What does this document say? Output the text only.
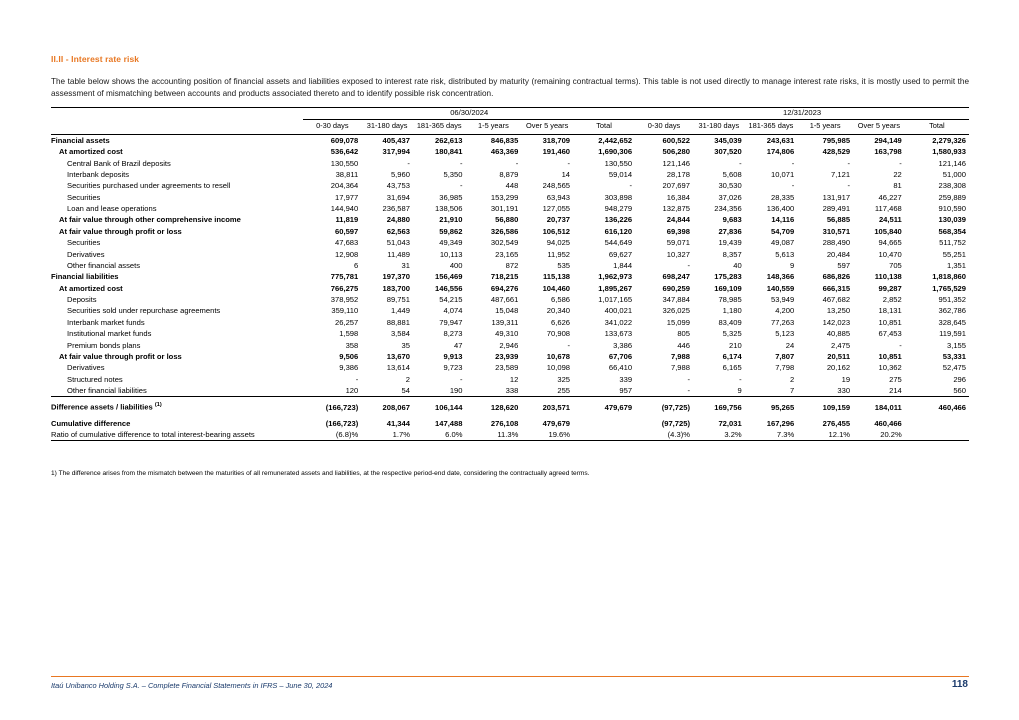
II.II - Interest rate risk
The table below shows the accounting position of financial assets and liabilities exposed to interest rate risk, distributed by maturity (remaining contractual terms). This table is not used directly to manage interest rate risks, it is mostly used to permit the assessment of mismatching between accounts and products associated thereto and to identify possible risk concentration.
	06/30/2024						12/31/2023					
	0-30 days	31-180 days	181-365 days	1-5 years	Over 5 years	Total	0-30 days	31-180 days	181-365 days	1-5 years	Over 5 years	Total
Financial assets	609,078	405,437	262,613	846,835	318,709	2,442,652	600,522	345,039	243,631	795,985	294,149	2,279,326
At amortized cost	536,642	317,994	180,841	463,369	191,460	1,690,306	506,280	307,520	174,806	428,529	163,798	1,580,933
Central Bank of Brazil deposits	130,550	-	-	-	-	130,550	121,146	-	-	-	-	121,146
Interbank deposits	38,811	5,960	5,350	8,879	14	59,014	28,178	5,608	10,071	7,121	22	51,000
Securities purchased under agreements to resell	204,364	43,753	-	448	248,565	-	207,697	30,530	-	-	81	238,308
Securities	17,977	31,694	36,985	153,299	63,943	303,898	16,384	37,026	28,335	131,917	46,227	259,889
Loan and lease operations	144,940	236,587	138,506	301,191	127,055	948,279	132,875	234,356	136,400	289,491	117,468	910,590
At fair value through other comprehensive income	11,819	24,880	21,910	56,880	20,737	136,226	24,844	9,683	14,116	56,885	24,511	130,039
At fair value through profit or loss	60,597	62,563	59,862	326,586	106,512	616,120	69,398	27,836	54,709	310,571	105,840	568,354
Securities	47,683	51,043	49,349	302,549	94,025	544,649	59,071	19,439	49,087	288,490	94,665	511,752
Derivatives	12,908	11,489	10,113	23,165	11,952	69,627	10,327	8,357	5,613	20,484	10,470	55,251
Other financial assets	6	31	400	872	535	1,844	-	40	9	597	705	1,351
Financial liabilities	775,781	197,370	156,469	718,215	115,138	1,962,973	698,247	175,283	148,366	686,826	110,138	1,818,860
At amortized cost	766,275	183,700	146,556	694,276	104,460	1,895,267	690,259	169,109	140,559	666,315	99,287	1,765,529
Deposits	378,952	89,751	54,215	487,661	6,586	1,017,165	347,884	78,985	53,949	467,682	2,852	951,352
Securities sold under repurchase agreements	359,110	1,449	4,074	15,048	20,340	400,021	326,025	1,180	4,200	13,250	18,131	362,786
Interbank market funds	26,257	88,881	79,947	139,311	6,626	341,022	15,099	83,409	77,263	142,023	10,851	328,645
Institutional market funds	1,598	3,584	8,273	49,310	70,908	133,673	805	5,325	5,123	40,885	67,453	119,591
Premium bonds plans	358	35	47	2,946	-	3,386	446	210	24	2,475	-	3,155
At fair value through profit or loss	9,506	13,670	9,913	23,939	10,678	67,706	7,988	6,174	7,807	20,511	10,851	53,331
Derivatives	9,386	13,614	9,723	23,589	10,098	66,410	7,988	6,165	7,798	20,162	10,362	52,475
Structured notes	-	2	-	12	325	339	-	-	2	19	275	296
Other financial liabilities	120	54	190	338	255	957	-	9	7	330	214	560
Difference assets / liabilities $^{(1)}$	(166,723)	208,067	106,144	128,620	203,571	479,679	(97,725)	169,756	95,265	109,159	184,011	460,466
Cumulative difference	(166,723)	41,344	147,488	276,108	479,679		(97,725)	72,031	167,296	276,455	460,466	
Ratio of cumulative difference to total interest-bearing assets	(6.8)%	1.7%	6.0%	11.3%	19.6%		(4.3)%	3.2%	7.3%	12.1%	20.2%	
1) The difference arises from the mismatch between the maturities of all remunerated assets and liabilities, at the respective period-end date, considering the contractually agreed terms.
Itaú Unibanco Holding S.A. – Complete Financial Statements in IFRS – June 30, 2024	118
